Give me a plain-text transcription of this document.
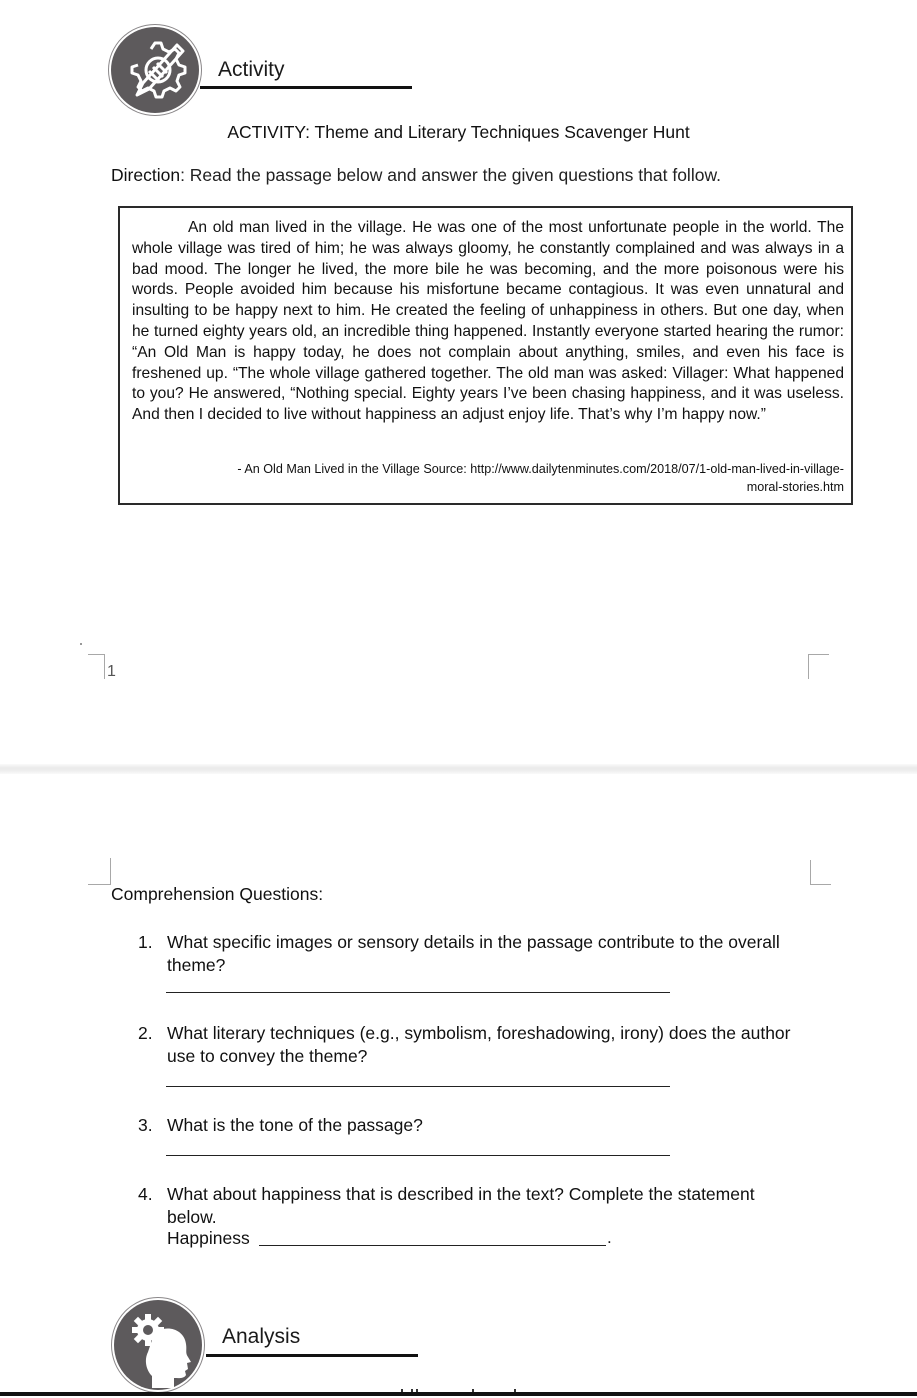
Activity
ACTIVITY: Theme and Literary Techniques Scavenger Hunt
Direction: Read the passage below and answer the given questions that follow.

An old man lived in the village. He was one of the most unfortunate people in the world. The whole village was tired of him; he was always gloomy, he constantly complained and was always in a bad mood. The longer he lived, the more bile he was becoming, and the more poisonous were his words. People avoided him because his misfortune became contagious. It was even unnatural and insulting to be happy next to him. He created the feeling of unhappiness in others. But one day, when he turned eighty years old, an incredible thing happened. Instantly everyone started hearing the rumor: “An Old Man is happy today, he does not complain about anything, smiles, and even his face is freshened up. “The whole village gathered together. The old man was asked: Villager: What happened to you? He answered, “Nothing special. Eighty years I’ve been chasing happiness, and it was useless. And then I decided to live without happiness an adjust enjoy life. That’s why I’m happy now.”

- An Old Man Lived in the Village Source: http://www.dailytenminutes.com/2018/07/1-old-man-lived-in-village-
moral-stories.htm
1
Comprehension Questions:
1. What specific images or sensory details in the passage contribute to the overall theme?
2. What literary techniques (e.g., symbolism, foreshadowing, irony) does the author use to convey the theme?
3. What is the tone of the passage?
4. What about happiness that is described in the text? Complete the statement below.
Happiness	.
Analysis
